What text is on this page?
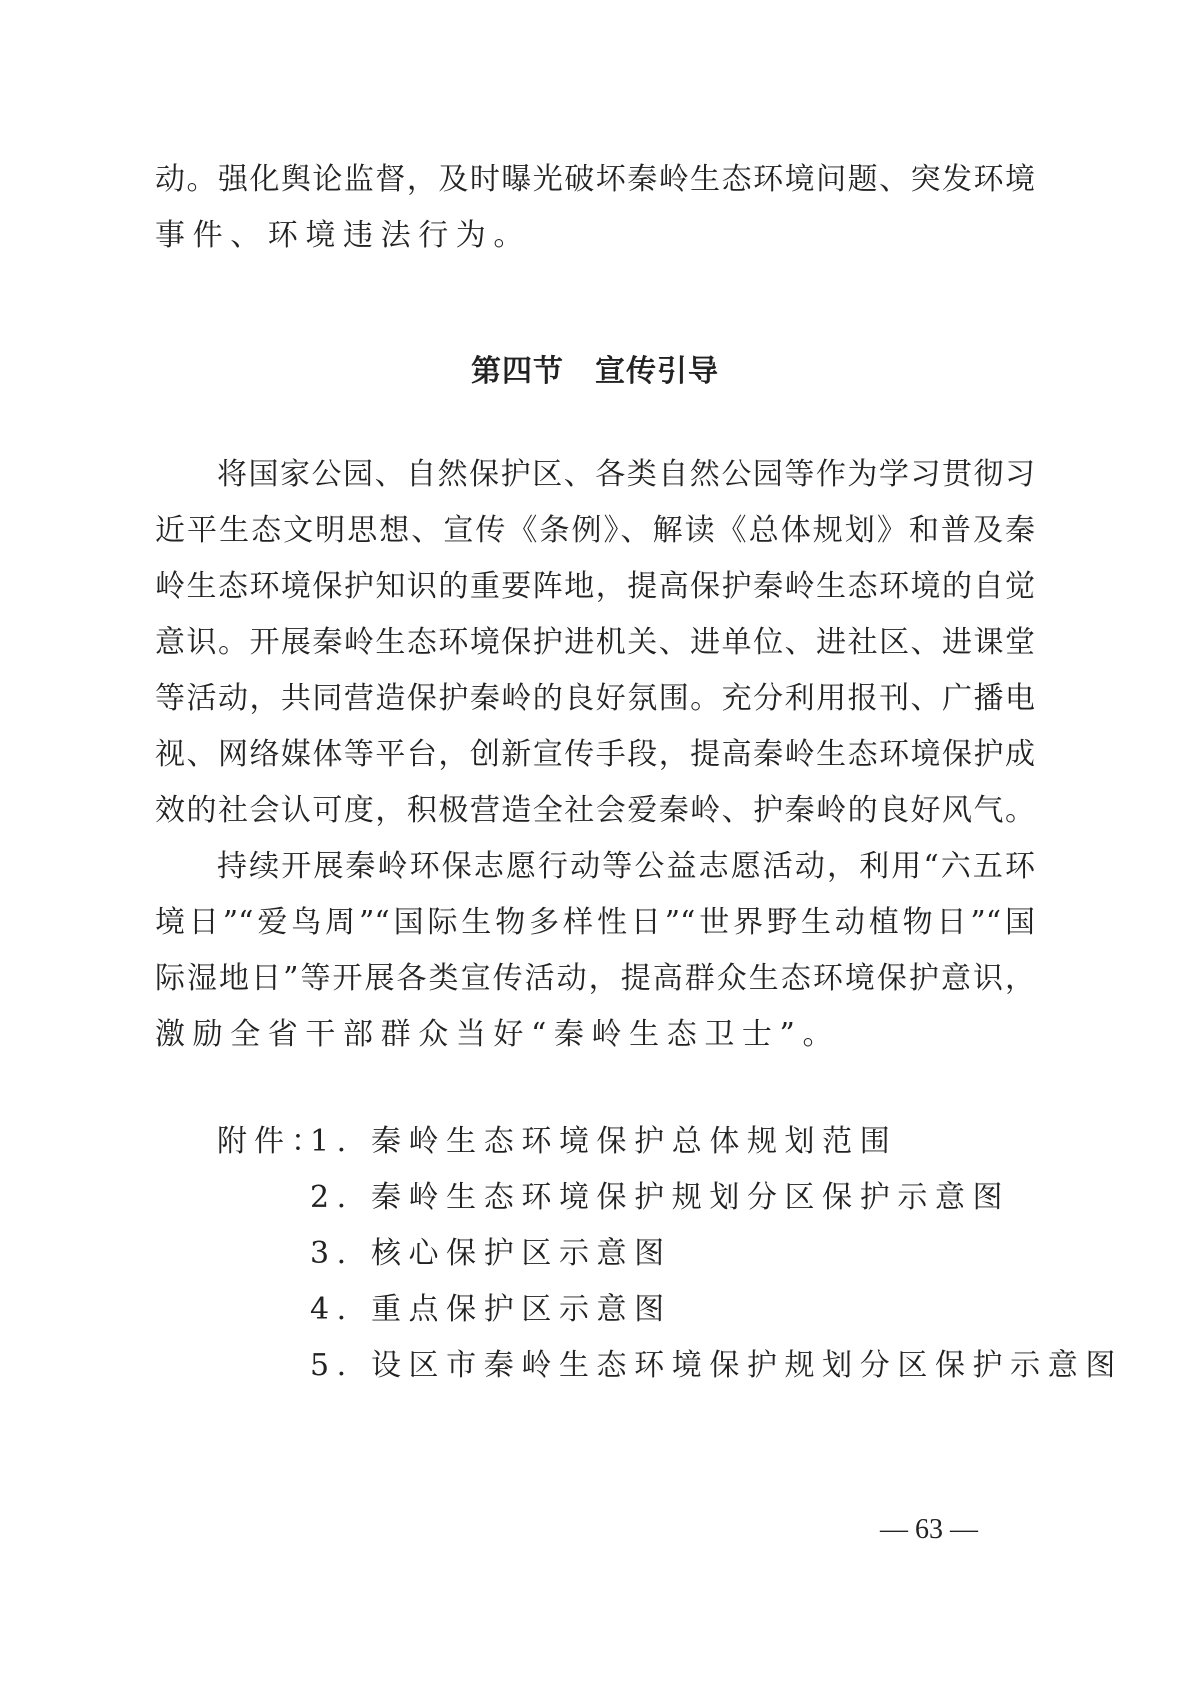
动。强化舆论监督，及时曝光破坏秦岭生态环境问题、突发环境
事件、环境违法行为。
第四节　宣传引导
将国家公园、自然保护区、各类自然公园等作为学习贯彻习
近平生态文明思想、宣传《条例》、解读《总体规划》和普及秦
岭生态环境保护知识的重要阵地，提高保护秦岭生态环境的自觉
意识。开展秦岭生态环境保护进机关、进单位、进社区、进课堂
等活动，共同营造保护秦岭的良好氛围。充分利用报刊、广播电
视、网络媒体等平台，创新宣传手段，提高秦岭生态环境保护成
效的社会认可度，积极营造全社会爱秦岭、护秦岭的良好风气。
持续开展秦岭环保志愿行动等公益志愿活动，利用“六五环
境日”“爱鸟周”“国际生物多样性日”“世界野生动植物日”“国
际湿地日”等开展各类宣传活动，提高群众生态环境保护意识，
激励全省干部群众当好“秦岭生态卫士”。
附件：
1. 秦岭生态环境保护总体规划范围
2. 秦岭生态环境保护规划分区保护示意图
3. 核心保护区示意图
4. 重点保护区示意图
5. 设区市秦岭生态环境保护规划分区保护示意图
— 63 —
